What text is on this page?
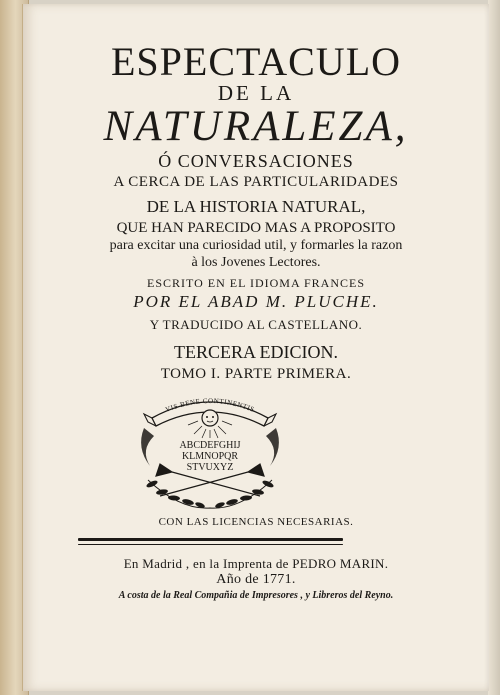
ESPECTACULO
DE LA
NATURALEZA,
Ó CONVERSACIONES
A CERCA DE LAS PARTICULARIDADES
DE LA HISTORIA NATURAL,
QUE HAN PARECIDO MAS A PROPOSITO
para excitar una curiosidad util, y formarles la razon
à los Jovenes Lectores.
ESCRITO EN EL IDIOMA FRANCES
POR EL ABAD M. PLUCHE.
Y TRADUCIDO AL CASTELLANO.
TERCERA EDICION.
TOMO I. PARTE PRIMERA.
VIS BENE CONTINENTIS
ABCDEFGHIJ
KLMNOPQR
STVUXYZ
CON LAS LICENCIAS NECESARIAS.
En Madrid , en la Imprenta de PEDRO MARIN.
Año de 1771.
A costa de la Real Compañia de Impresores , y Libreros del Reyno.
